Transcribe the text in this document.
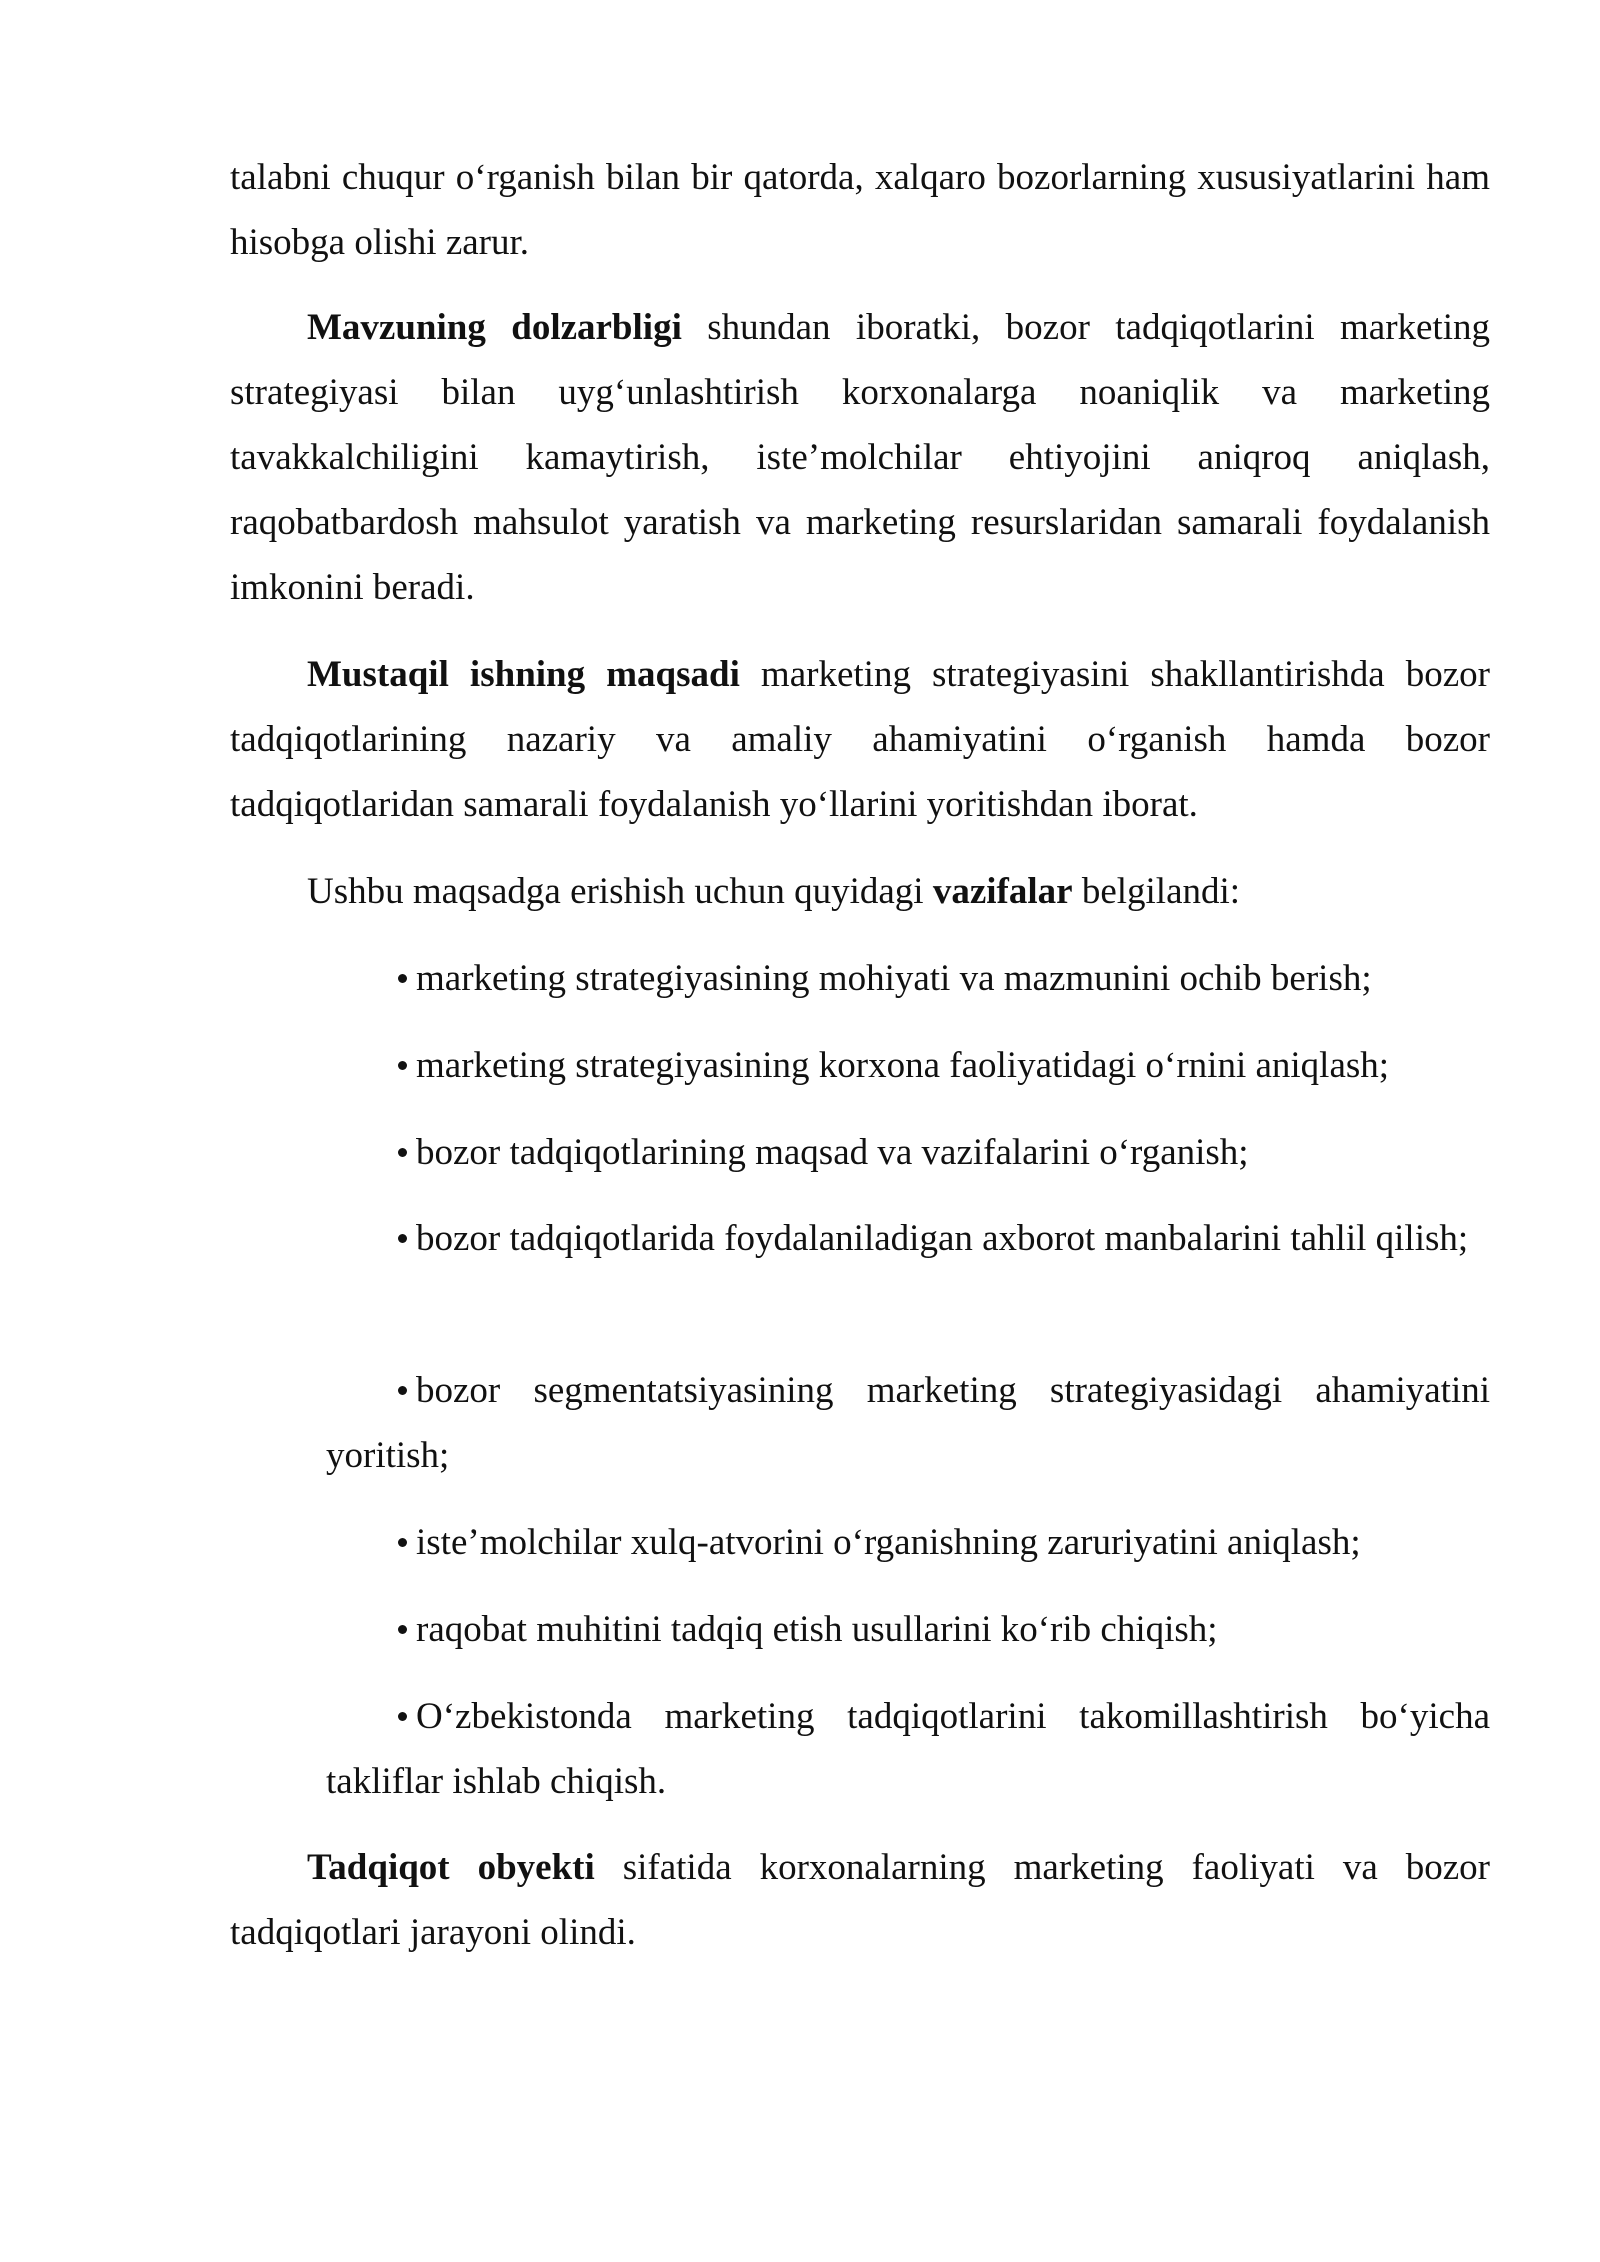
talabni chuqur o‘rganish bilan bir qatorda, xalqaro bozorlarning xususiyatlarini ham hisobga olishi zarur.

Mavzuning dolzarbligi shundan iboratki, bozor tadqiqotlarini marketing strategiyasi bilan uyg‘unlashtirish korxonalarga noaniqlik va marketing tavakkalchiligini kamaytirish, iste’molchilar ehtiyojini aniqroq aniqlash, raqobatbardosh mahsulot yaratish va marketing resurslaridan samarali foydalanish imkonini beradi.

Mustaqil ishning maqsadi marketing strategiyasini shakllantirishda bozor tadqiqotlarining nazariy va amaliy ahamiyatini o‘rganish hamda bozor tadqiqotlaridan samarali foydalanish yo‘llarini yoritishdan iborat.

Ushbu maqsadga erishish uchun quyidagi vazifalar belgilandi:

marketing strategiyasining mohiyati va mazmunini ochib berish;

marketing strategiyasining korxona faoliyatidagi o‘rnini aniqlash;

bozor tadqiqotlarining maqsad va vazifalarini o‘rganish;

bozor tadqiqotlarida foydalaniladigan axborot manbalarini tahlil qilish;

bozor segmentatsiyasining marketing strategiyasidagi ahamiyatini yoritish;

iste’molchilar xulq-atvorini o‘rganishning zaruriyatini aniqlash;

raqobat muhitini tadqiq etish usullarini ko‘rib chiqish;

O‘zbekistonda marketing tadqiqotlarini takomillashtirish bo‘yicha takliflar ishlab chiqish.

Tadqiqot obyekti sifatida korxonalarning marketing faoliyati va bozor tadqiqotlari jarayoni olindi.
